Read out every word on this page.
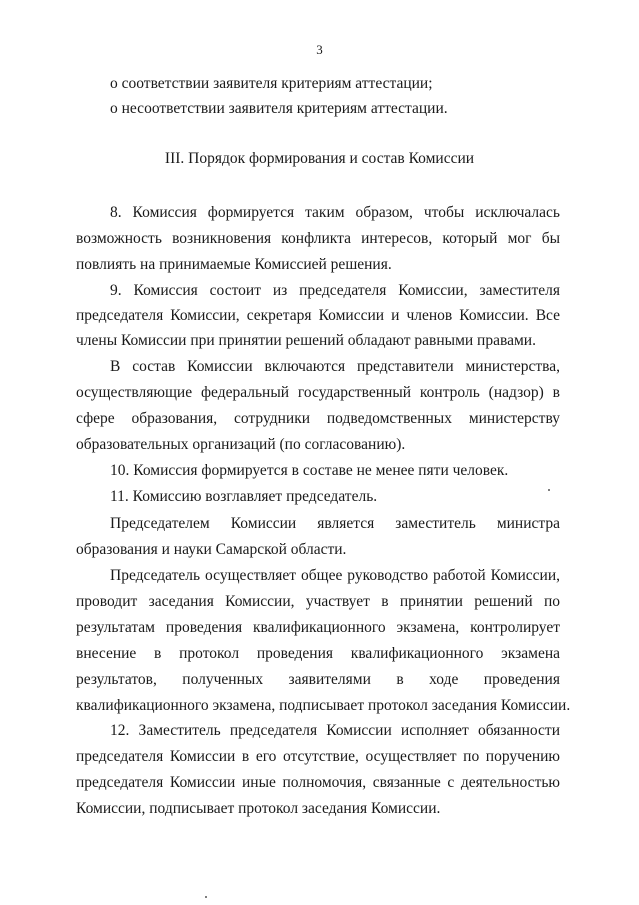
3
о соответствии заявителя критериям аттестации;
о несоответствии заявителя критериям аттестации.
III. Порядок формирования и состав Комиссии
8. Комиссия формируется таким образом, чтобы исключалась
возможность возникновения конфликта интересов, который мог бы
повлиять на принимаемые Комиссией решения.
9. Комиссия состоит из председателя Комиссии, заместителя
председателя Комиссии, секретаря Комиссии и членов Комиссии. Все
члены Комиссии при принятии решений обладают равными правами.
В состав Комиссии включаются представители министерства,
осуществляющие федеральный государственный контроль (надзор) в
сфере образования, сотрудники подведомственных министерству
образовательных организаций (по согласованию).
10. Комиссия формируется в составе не менее пяти человек.
11. Комиссию возглавляет председатель.
Председателем Комиссии является заместитель министра
образования и науки Самарской области.
Председатель осуществляет общее руководство работой Комиссии,
проводит заседания Комиссии, участвует в принятии решений по
результатам проведения квалификационного экзамена, контролирует
внесение в протокол проведения квалификационного экзамена
результатов, полученных заявителями в ходе проведения
квалификационного экзамена, подписывает протокол заседания Комиссии.
12. Заместитель председателя Комиссии исполняет обязанности
председателя Комиссии в его отсутствие, осуществляет по поручению
председателя Комиссии иные полномочия, связанные с деятельностью
Комиссии, подписывает протокол заседания Комиссии.
